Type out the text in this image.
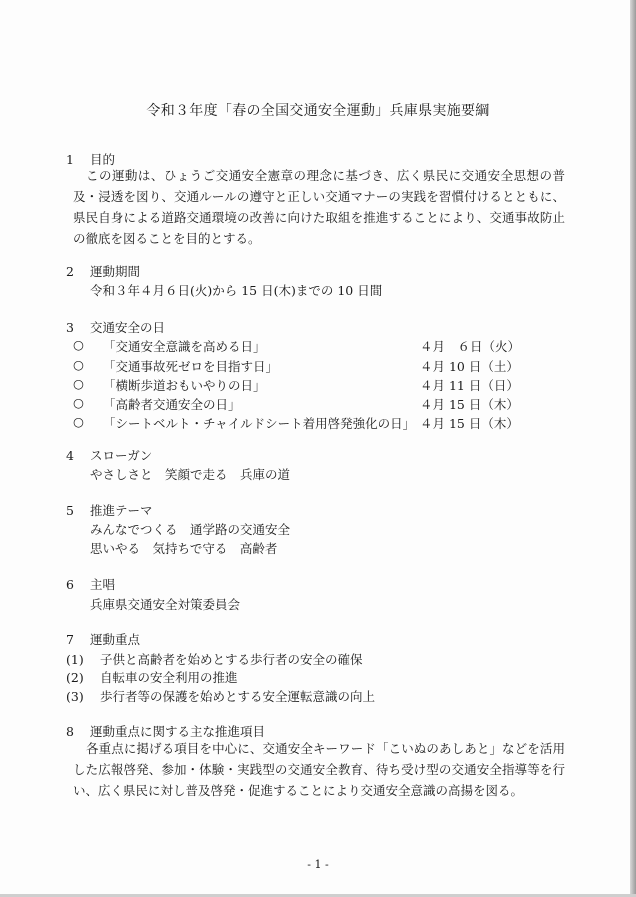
令和３年度「春の全国交通安全運動」兵庫県実施要綱
1 目的
この運動は、ひょうご交通安全憲章の理念に基づき、広く県民に交通安全思想の普及・浸透を図り、交通ルールの遵守と正しい交通マナーの実践を習慣付けるとともに、県民自身による道路交通環境の改善に向けた取組を推進することにより、交通事故防止の徹底を図ることを目的とする。
2 運動期間
令和３年４月６日(火)から 15 日(木)までの 10 日間
3 交通安全の日
○ 「交通安全意識を高める日」	４月　６日（火）
○ 「交通事故死ゼロを目指す日」	４月 10 日（土）
○ 「横断歩道おもいやりの日」	４月 11 日（日）
○ 「高齢者交通安全の日」	４月 15 日（木）
○ 「シートベルト・チャイルドシート着用啓発強化の日」 ４月 15 日（木）
4 スローガン
やさしさと　笑顔で走る　兵庫の道
5 推進テーマ
みんなでつくる　通学路の交通安全
思いやる　気持ちで守る　高齢者
6 主唱
兵庫県交通安全対策委員会
7 運動重点
(1) 子供と高齢者を始めとする歩行者の安全の確保
(2) 自転車の安全利用の推進
(3) 歩行者等の保護を始めとする安全運転意識の向上
8 運動重点に関する主な推進項目
各重点に掲げる項目を中心に、交通安全キーワード「こいぬのあしあと」などを活用した広報啓発、参加・体験・実践型の交通安全教育、待ち受け型の交通安全指導等を行い、広く県民に対し普及啓発・促進することにより交通安全意識の高揚を図る。
- 1 -
